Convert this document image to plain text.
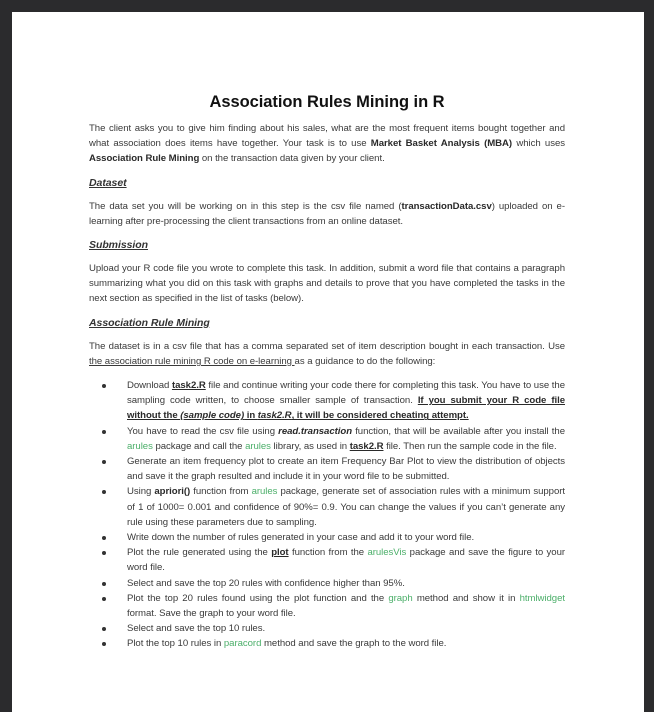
Association Rules Mining in R

The client asks you to give him finding about his sales, what are the most frequent items bought together and what association does items have together. Your task is to use Market Basket Analysis (MBA) which uses Association Rule Mining on the transaction data given by your client.

Dataset

The data set you will be working on in this step is the csv file named (transactionData.csv) uploaded on e-learning after pre-processing the client transactions from an online dataset.

Submission

Upload your R code file you wrote to complete this task. In addition, submit a word file that contains a paragraph summarizing what you did on this task with graphs and details to prove that you have completed the tasks in the next section as specified in the list of tasks (below).

Association Rule Mining

The dataset is in a csv file that has a comma separated set of item description bought in each transaction. Use the association rule mining R code on e-learning as a guidance to do the following:

Download task2.R file and continue writing your code there for completing this task. You have to use the sampling code written, to choose smaller sample of transaction. If you submit your R code file without the (sample code) in task2.R, it will be considered cheating attempt.
You have to read the csv file using read.transaction function, that will be available after you install the arules package and call the arules library, as used in task2.R file. Then run the sample code in the file.
Generate an item frequency plot to create an item Frequency Bar Plot to view the distribution of objects and save it the graph resulted and include it in your word file to be submitted.
Using apriori() function from arules package, generate set of association rules with a minimum support of 1 of 1000= 0.001 and confidence of 90%= 0.9. You can change the values if you can’t generate any rule using these parameters due to sampling.
Write down the number of rules generated in your case and add it to your word file.
Plot the rule generated using the plot function from the arulesVis package and save the figure to your word file.
Select and save the top 20 rules with confidence higher than 95%.
Plot the top 20 rules found using the plot function and the graph method and show it in htmlwidget format. Save the graph to your word file.
Select and save the top 10 rules.
Plot the top 10 rules in paracord method and save the graph to the word file.
